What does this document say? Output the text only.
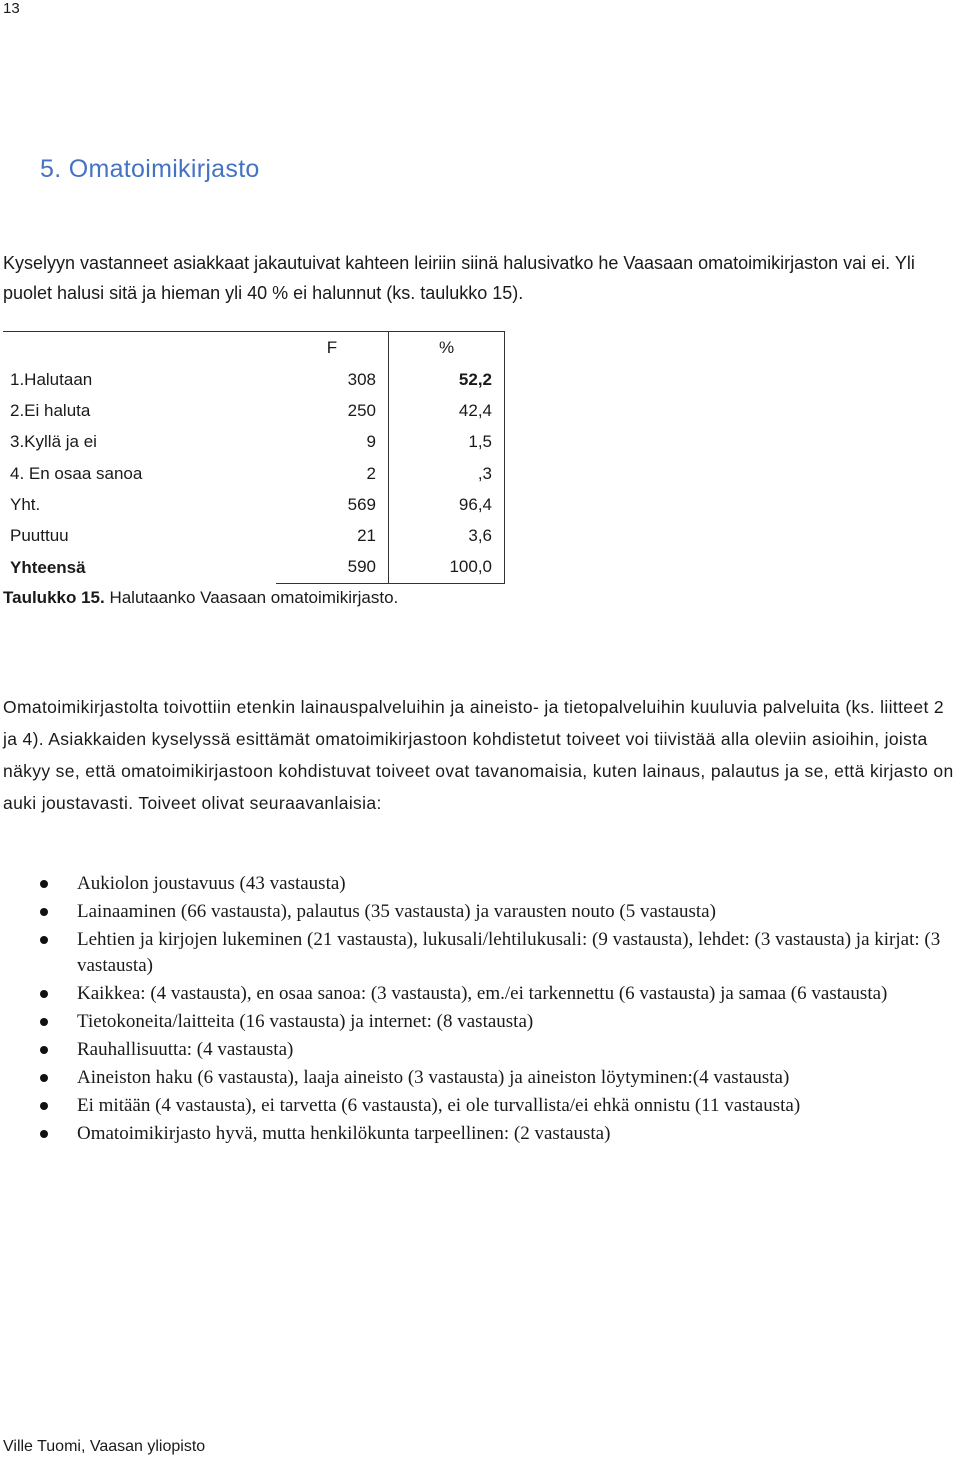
13
5. Omatoimikirjasto

Kyselyyn vastanneet asiakkaat jakautuivat kahteen leiriin siinä halusivatko he Vaasaan omatoimikirjaston vai ei. Yli puolet halusi sitä ja hieman yli 40 % ei halunnut (ks. taulukko 15).

	F	%
1.Halutaan	308	52,2
2.Ei haluta	250	42,4
3.Kyllä ja ei	9	1,5
4. En osaa sanoa	2	,3
Yht.	569	96,4
Puuttuu	21	3,6
Yhteensä	590	100,0
Taulukko 15. Halutaanko Vaasaan omatoimikirjasto.

Omatoimikirjastolta toivottiin etenkin lainauspalveluihin ja aineisto- ja tietopalveluihin kuuluvia palveluita (ks. liitteet 2 ja 4). Asiakkaiden kyselyssä esittämät omatoimikirjastoon kohdistetut toiveet voi tiivistää alla oleviin asioihin, joista näkyy se, että omatoimikirjastoon kohdistuvat toiveet ovat tavanomaisia, kuten lainaus, palautus ja se, että kirjasto on auki joustavasti. Toiveet olivat seuraavanlaisia:

Aukiolon joustavuus (43 vastausta)
Lainaaminen (66 vastausta), palautus (35 vastausta) ja varausten nouto (5 vastausta)
Lehtien ja kirjojen lukeminen (21 vastausta), lukusali/lehtilukusali: (9 vastausta), lehdet: (3 vastausta) ja kirjat: (3 vastausta)
Kaikkea: (4 vastausta), en osaa sanoa: (3 vastausta), em./ei tarkennettu (6 vastausta) ja samaa (6 vastausta)
Tietokoneita/laitteita (16 vastausta) ja internet: (8 vastausta)
Rauhallisuutta: (4 vastausta)
Aineiston haku (6 vastausta), laaja aineisto (3 vastausta) ja aineiston löytyminen:(4 vastausta)
Ei mitään (4 vastausta), ei tarvetta (6 vastausta), ei ole turvallista/ei ehkä onnistu (11 vastausta)
Omatoimikirjasto hyvä, mutta henkilökunta tarpeellinen: (2 vastausta)
Ville Tuomi, Vaasan yliopisto
